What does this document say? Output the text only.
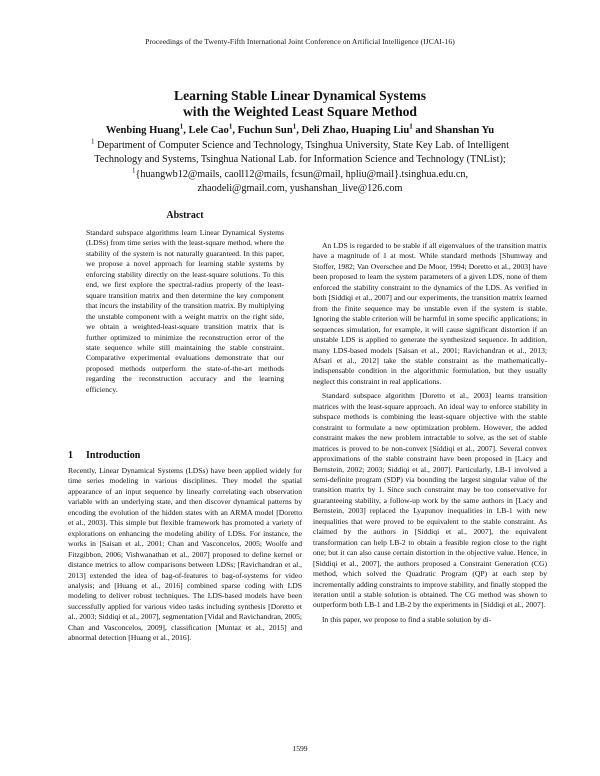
Proceedings of the Twenty-Fifth International Joint Conference on Artificial Intelligence (IJCAI-16)
Learning Stable Linear Dynamical Systems
with the Weighted Least Square Method
Wenbing Huang$^1$, Lele Cao$^1$, Fuchun Sun$^1$, Deli Zhao, Huaping Liu$^1$ and Shanshan Yu
$^1$ Department of Computer Science and Technology, Tsinghua University, State Key Lab. of Intelligent
Technology and Systems, Tsinghua National Lab. for Information Science and Technology (TNList);
$^1${huangwb12@mails, caoll12@mails, fcsun@mail, hpliu@mail}.tsinghua.edu.cn,
zhaodeli@gmail.com, yushanshan_live@126.com
Abstract

Standard subspace algorithms learn Linear Dynamical Systems (LDSs) from time series with the least-square method, where the stability of the system is not naturally guaranteed. In this paper, we propose a novel approach for learning stable systems by enforcing stability directly on the least-square solutions. To this end, we first explore the spectral-radius property of the least-square transition matrix and then determine the key component that incurs the instability of the transition matrix. By multiplying the unstable component with a weight matrix on the right side, we obtain a weighted-least-square transition matrix that is further optimized to minimize the reconstruction error of the state sequence while still maintaining the stable constraint. Comparative experimental evaluations demonstrate that our proposed methods outperform the state-of-the-art methods regarding the reconstruction accuracy and the learning efficiency.

1 Introduction

Recently, Linear Dynamical Systems (LDSs) have been applied widely for time series modeling in various disciplines. They model the spatial appearance of an input sequence by linearly correlating each observation variable with an underlying state, and then discover dynamical patterns by encoding the evolution of the hidden states with an ARMA model [Doretto et al., 2003]. This simple but flexible framework has promoted a variety of explorations on enhancing the modeling ability of LDSs. For instance, the works in [Saisan et al., 2001; Chan and Vasconcelos, 2005; Woolfe and Fitzgibbon, 2006; Vishwanathan et al., 2007] proposed to define kernel or distance metrics to allow comparisons between LDSs; [Ravichandran et al., 2013] extended the idea of bag-of-features to bag-of-systems for video analysis; and [Huang et al., 2016] combined sparse coding with LDS modeling to deliver robust techniques. The LDS-based models have been successfully applied for various video tasks including synthesis [Doretto et al., 2003; Siddiqi et al., 2007], segmentation [Vidal and Ravichandran, 2005; Chan and Vasconcelos, 2009], classification [Muntaz et al., 2015] and abnormal detection [Huang et al., 2016].

An LDS is regarded to be stable if all eigenvalues of the transition matrix have a magnitude of 1 at most. While standard methods [Shumway and Stoffer, 1982; Van Overschee and De Moor, 1994; Doretto et al., 2003] have been proposed to learn the system parameters of a given LDS, none of them enforced the stability constraint to the dynamics of the LDS. As verified in both [Siddiqi et al., 2007] and our experiments, the transition matrix learned from the finite sequence may be unstable even if the system is stable. Ignoring the stable criterion will be harmful in some specific applications; in sequences simulation, for example, it will cause significant distortion if an unstable LDS is applied to generate the synthesized sequence. In addition, many LDS-based models [Saisan et al., 2001; Ravichandran et al., 2013; Afsari et al., 2012] take the stable constraint as the mathematically-indispensable condition in the algorithmic formulation, but they usually neglect this constraint in real applications.

Standard subspace algorithm [Doretto et al., 2003] learns transition matrices with the least-square approach. An ideal way to enforce stability in subspace methods is combining the least-square objective with the stable constraint to formulate a new optimization problem. However, the added constraint makes the new problem intractable to solve, as the set of stable matrices is proved to be non-convex [Siddiqi et al., 2007]. Several convex approximations of the stable constraint have been proposed in [Lacy and Bernstein, 2002; 2003; Siddiqi et al., 2007]. Particularly, LB-1 involved a semi-definite program (SDP) via bounding the largest singular value of the transition matrix by 1. Since such constraint may be too conservative for guaranteeing stability, a follow-up work by the same authors in [Lacy and Bernstein, 2003] replaced the Lyapunov inequalities in LB-1 with new inequalities that were proved to be equivalent to the stable constraint. As claimed by the authors in [Siddiqi et al., 2007], the equivalent transformation can help LB-2 to obtain a feasible region close to the right one; but it can also cause certain distortion in the objective value. Hence, in [Siddiqi et al., 2007], the authors proposed a Constraint Generation (CG) method, which solved the Quadratic Program (QP) at each step by incrementally adding constraints to improve stability, and finally stopped the iteration until a stable solution is obtained. The CG method was shown to outperform both LB-1 and LB-2 by the experiments in [Siddiqi et al., 2007].

In this paper, we propose to find a stable solution by di-

1599
